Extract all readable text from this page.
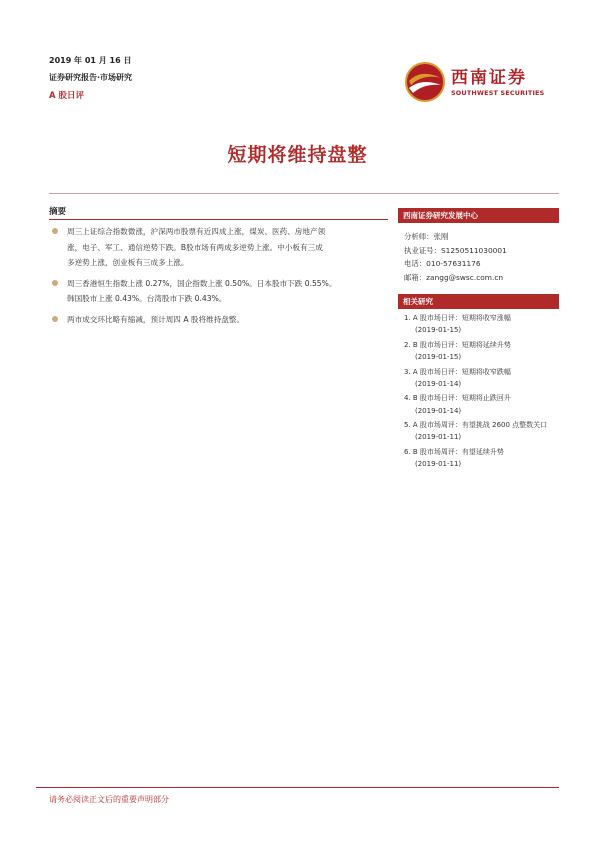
2019 年 01 月 16 日
证券研究报告·市场研究
A 股日评
西南证券
SOUTHWEST SECURITIES
短期将维持盘整
摘要
周三上证综合指数微涨，沪深两市股票有近四成上涨，煤炭、医药、房地产领
涨，电子、军工、通信逆势下跌。B股市场有两成多逆势上涨。中小板有三成
多逆势上涨，创业板有三成多上涨。
周三香港恒生指数上涨 0.27%，国企指数上涨 0.50%。日本股市下跌 0.55%。
韩国股市上涨 0.43%。台湾股市下跌 0.43%。
两市成交环比略有缩减，预计周四 A 股将维持盘整。
西南证券研究发展中心
分析师：张刚
执业证号：S1250511030001
电话：010-57631176
邮箱：zangg@swsc.com.cn
相关研究
1. A 股市场日评：短期将收窄涨幅
(2019-01-15)
2. B 股市场日评：短期将延续升势
(2019-01-15)
3. A 股市场日评：短期将收窄跌幅
(2019-01-14)
4. B 股市场日评：短期将止跌回升
(2019-01-14)
5. A 股市场周评：有望挑战 2600 点整数关口
(2019-01-11)
6. B 股市场周评：有望延续升势
(2019-01-11)
请务必阅读正文后的重要声明部分
